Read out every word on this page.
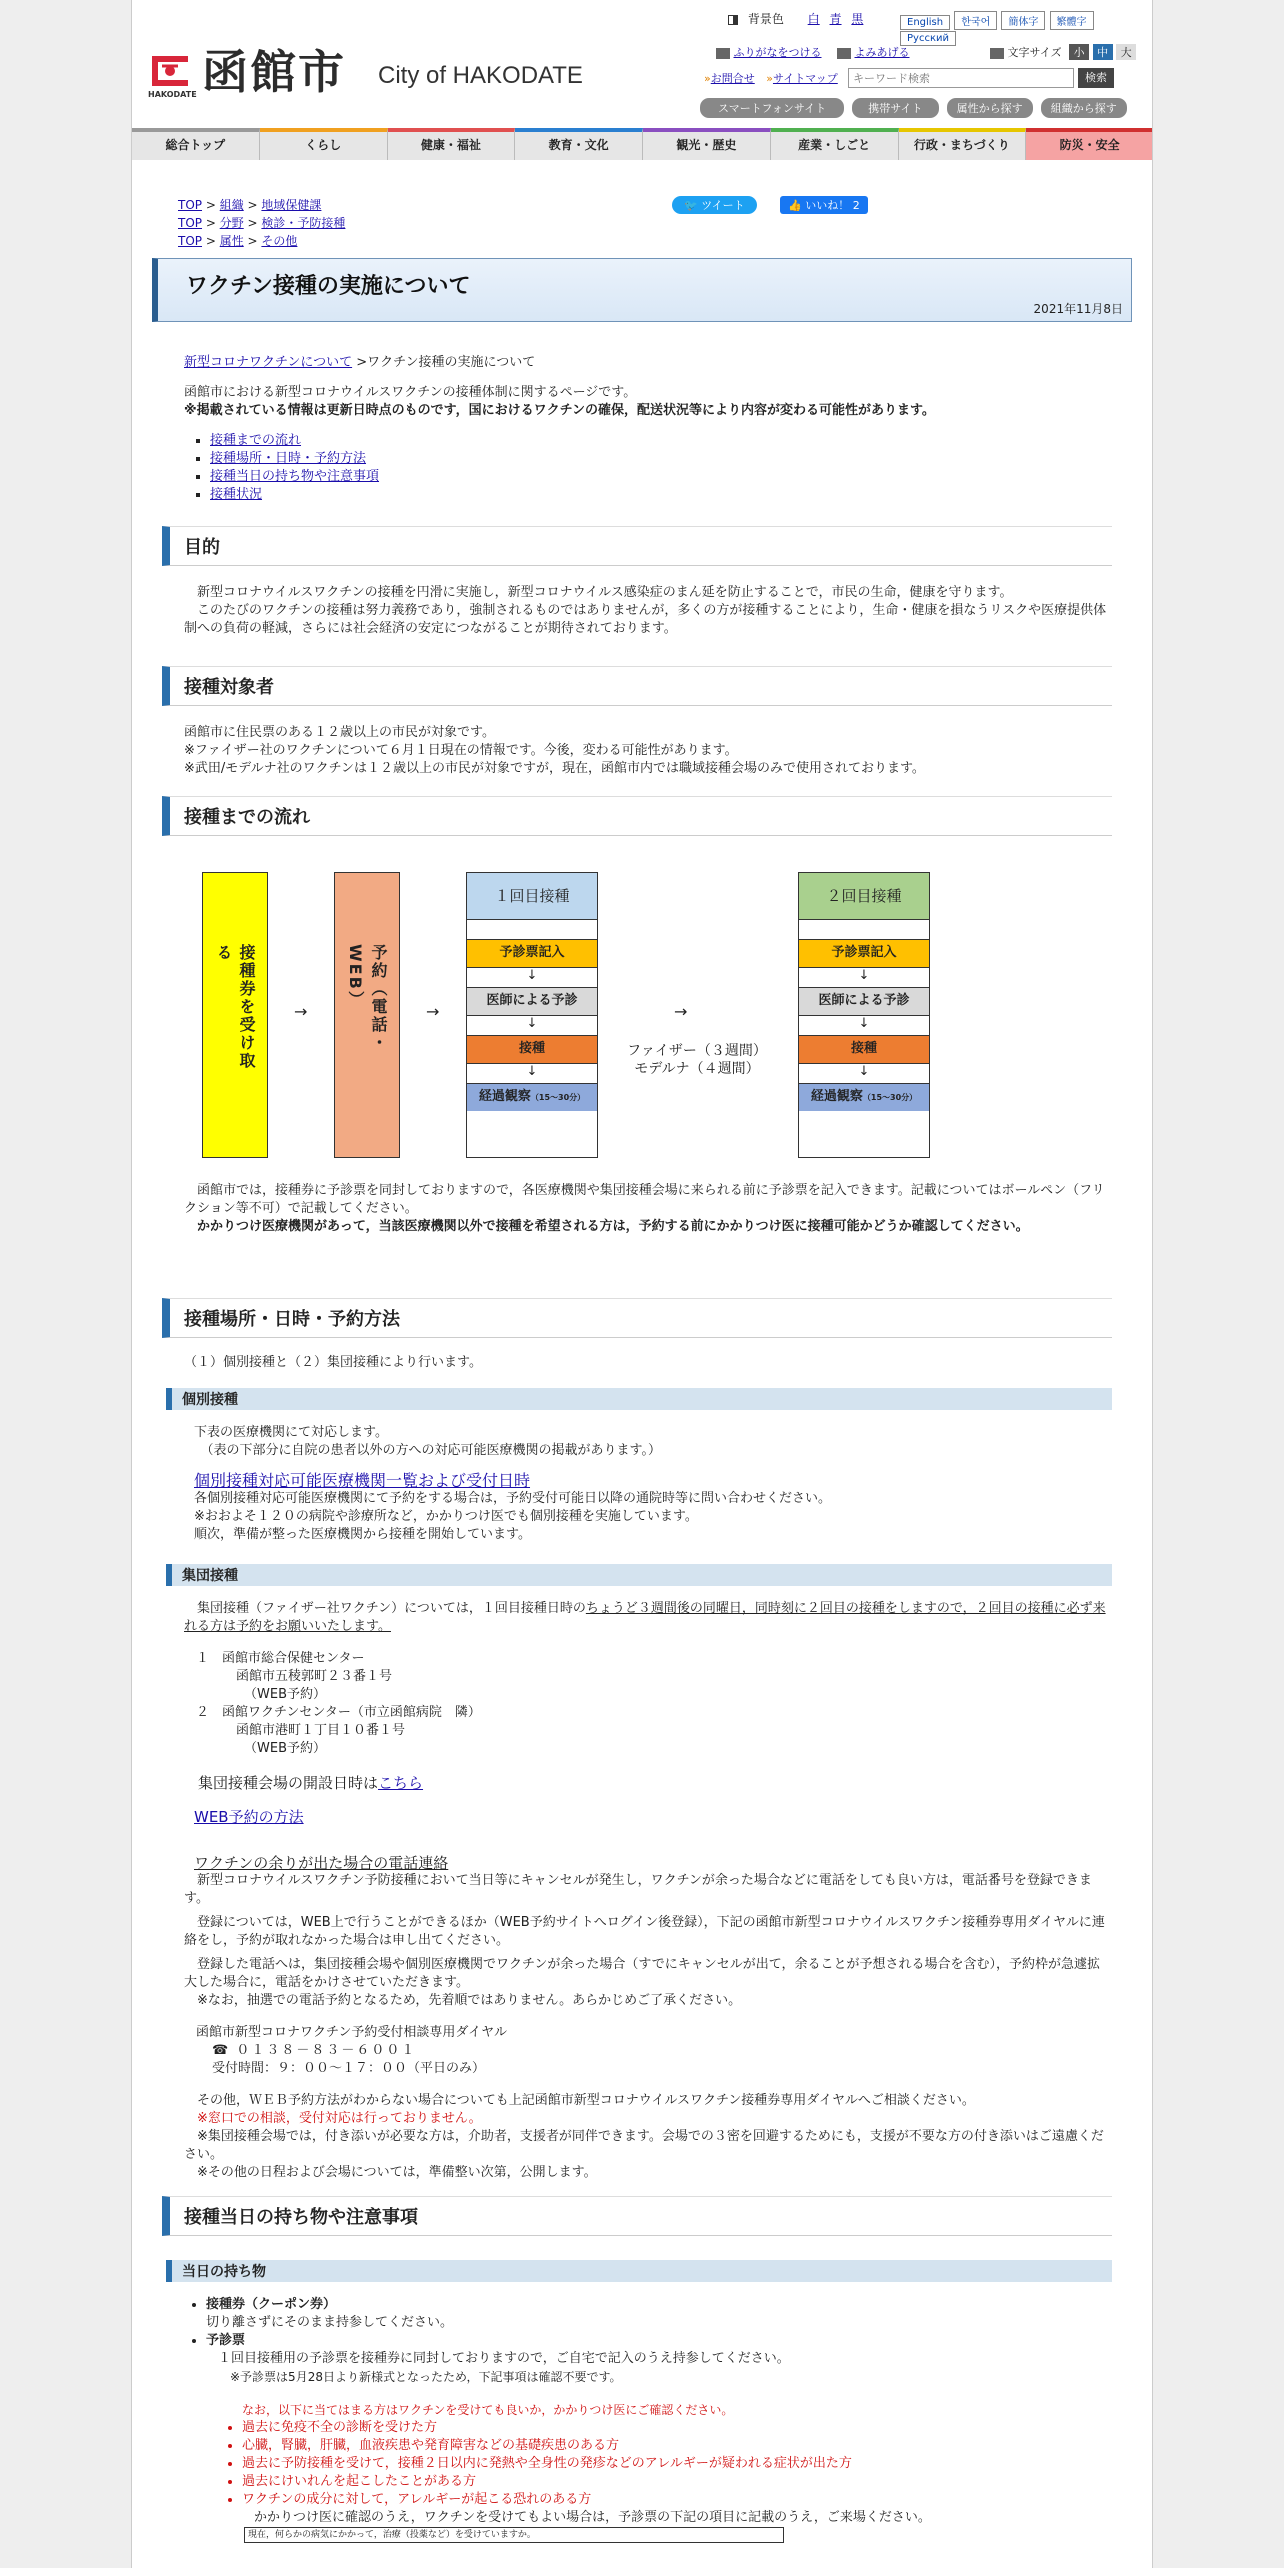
背景色 白 青 黒	English 한국어 簡体字 繁體字 Русский
HAKODATE 函館市 City of HAKODATE
ふりがなをつける	よみあげる	文字サイズ 小 中 大
»お問合せ »サイトマップ
キーワード検索	検索
スマートフォンサイト	携帯サイト	属性から探す	組織から探す
総合トップ	くらし	健康・福祉	教育・文化	観光・歴史	産業・しごと	行政・まちづくり	防災・安全
TOP > 組織 > 地域保健課
TOP > 分野 > 検診・予防接種
TOP > 属性 > その他
🐦 ツイート	👍 いいね！ 2
ワクチン接種の実施について
2021年11月8日

新型コロナワクチンについて >ワクチン接種の実施について

函館市における新型コロナウイルスワクチンの接種体制に関するページです。

※掲載されている情報は更新日時点のものです，国におけるワクチンの確保，配送状況等により内容が変わる可能性があります。

▪ 接種までの流れ
▪ 接種場所・日時・予約方法
▪ 接種当日の持ち物や注意事項
▪ 接種状況
目的

新型コロナウイルスワクチンの接種を円滑に実施し，新型コロナウイルス感染症のまん延を防止することで，市民の生命，健康を守ります。

このたびのワクチンの接種は努力義務であり，強制されるものではありませんが，多くの方が接種することにより，生命・健康を損なうリスクや医療提供体制への負荷の軽減，さらには社会経済の安定につながることが期待されております。

接種対象者

函館市に住民票のある１２歳以上の市民が対象です。

※ファイザー社のワクチンについて６月１日現在の情報です。今後，変わる可能性があります。

※武田/モデルナ社のワクチンは１２歳以上の市民が対象ですが，現在，函館市内では職域接種会場のみで使用されております。

接種までの流れ
接種券を受け取る
→	予約（電話・WEB）
→
１回目接種
予診票記入
↓
医師による予診
↓
接種
↓
経過観察（15～30分）
→
ファイザー（３週間）
モデルナ（４週間）
２回目接種
予診票記入
↓
医師による予診
↓
接種
↓
経過観察（15～30分）

函館市では，接種券に予診票を同封しておりますので，各医療機関や集団接種会場に来られる前に予診票を記入できます。記載についてはボールペン（フリクション等不可）で記載してください。

かかりつけ医療機関があって，当該医療機関以外で接種を希望される方は，予約する前にかかりつけ医に接種可能かどうか確認してください。

接種場所・日時・予約方法

（１）個別接種と（２）集団接種により行います。

個別接種

下表の医療機関にて対応します。

（表の下部分に自院の患者以外の方への対応可能医療機関の掲載があります。）

個別接種対応可能医療機関一覧および受付日時

各個別接種対応可能医療機関にて予約をする場合は，予約受付可能日以降の通院時等に問い合わせください。

※おおよそ１２０の病院や診療所など，かかりつけ医でも個別接種を実施しています。

順次，準備が整った医療機関から接種を開始しています。

集団接種

集団接種（ファイザー社ワクチン）については，１回目接種日時のちょうど３週間後の同曜日，同時刻に２回目の接種をしますので，２回目の接種に必ず来れる方は予約をお願いいたします。

１　函館市総合保健センター

函館市五稜郭町２３番１号

（WEB予約）

２　函館ワクチンセンター（市立函館病院　隣）

函館市港町１丁目１０番１号

（WEB予約）

集団接種会場の開設日時はこちら

WEB予約の方法

ワクチンの余りが出た場合の電話連絡

新型コロナウイルスワクチン予防接種において当日等にキャンセルが発生し，ワクチンが余った場合などに電話をしても良い方は，電話番号を登録できます。

登録については，WEB上で行うことができるほか（WEB予約サイトへログイン後登録），下記の函館市新型コロナウイルスワクチン接種券専用ダイヤルに連絡をし，予約が取れなかった場合は申し出てください。

登録した電話へは，集団接種会場や個別医療機関でワクチンが余った場合（すでにキャンセルが出て，余ることが予想される場合を含む），予約枠が急遽拡大した場合に，電話をかけさせていただきます。

※なお，抽選での電話予約となるため，先着順ではありません。あらかじめご了承ください。

函館市新型コロナワクチン予約受付相談専用ダイヤル

☎ ０１３８－８３－６００１

受付時間：９：００～１７：００（平日のみ）

その他，ＷＥＢ予約方法がわからない場合についても上記函館市新型コロナウイルスワクチン接種券専用ダイヤルへご相談ください。

※窓口での相談，受付対応は行っておりません。

※集団接種会場では，付き添いが必要な方は，介助者，支援者が同伴できます。会場での３密を回避するためにも，支援が不要な方の付き添いはご遠慮ください。

※その他の日程および会場については，準備整い次第，公開します。

接種当日の持ち物や注意事項
当日の持ち物
• 接種券（クーポン券）
切り離さずにそのまま持参してください。
• 予診票
１回目接種用の予診票を接種券に同封しておりますので，ご自宅で記入のうえ持参してください。
※予診票は5月28日より新様式となったため，下記事項は確認不要です。

なお，以下に当てはまる方はワクチンを受けても良いか，かかりつけ医にご確認ください。

• 過去に免疫不全の診断を受けた方
• 心臓，腎臓，肝臓，血液疾患や発育障害などの基礎疾患のある方
• 過去に予防接種を受けて，接種２日以内に発熱や全身性の発疹などのアレルギーが疑われる症状が出た方
• 過去にけいれんを起こしたことがある方
• ワクチンの成分に対して，アレルギーが起こる恐れのある方

かかりつけ医に確認のうえ，ワクチンを受けてもよい場合は，予診票の下記の項目に記載のうえ，ご来場ください。

現在，何らかの病気にかかって，治療（投薬など）を受けていますか。
